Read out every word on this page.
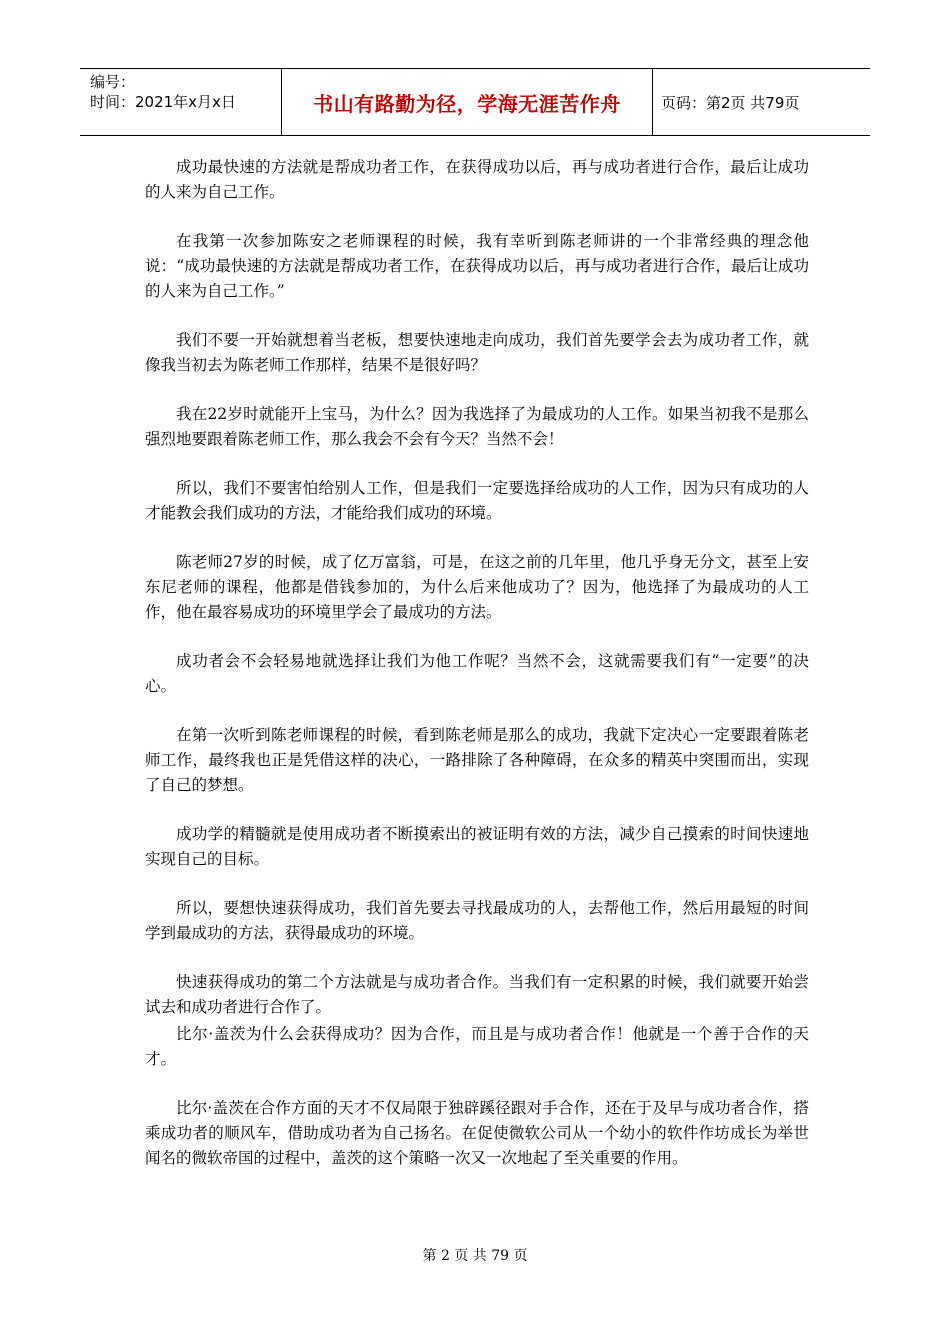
编号：
时间：2021年x月x日	书山有路勤为径，学海无涯苦作舟	页码：第2页 共79页

成功最快速的方法就是帮成功者工作，在获得成功以后，再与成功者进行合作，最后让成功的人来为自己工作。

在我第一次参加陈安之老师课程的时候，我有幸听到陈老师讲的一个非常经典的理念他说：“成功最快速的方法就是帮成功者工作，在获得成功以后，再与成功者进行合作，最后让成功的人来为自己工作。”

我们不要一开始就想着当老板，想要快速地走向成功，我们首先要学会去为成功者工作，就像我当初去为陈老师工作那样，结果不是很好吗？

我在22岁时就能开上宝马，为什么？因为我选择了为最成功的人工作。如果当初我不是那么强烈地要跟着陈老师工作，那么我会不会有今天？当然不会！

所以，我们不要害怕给别人工作，但是我们一定要选择给成功的人工作，因为只有成功的人才能教会我们成功的方法，才能给我们成功的环境。

陈老师27岁的时候，成了亿万富翁，可是，在这之前的几年里，他几乎身无分文，甚至上安东尼老师的课程，他都是借钱参加的，为什么后来他成功了？因为，他选择了为最成功的人工作，他在最容易成功的环境里学会了最成功的方法。

成功者会不会轻易地就选择让我们为他工作呢？当然不会，这就需要我们有“一定要”的决心。

在第一次听到陈老师课程的时候，看到陈老师是那么的成功，我就下定决心一定要跟着陈老师工作，最终我也正是凭借这样的决心，一路排除了各种障碍，在众多的精英中突围而出，实现了自己的梦想。

成功学的精髓就是使用成功者不断摸索出的被证明有效的方法，减少自己摸索的时间快速地实现自己的目标。

所以，要想快速获得成功，我们首先要去寻找最成功的人，去帮他工作，然后用最短的时间学到最成功的方法，获得最成功的环境。

快速获得成功的第二个方法就是与成功者合作。当我们有一定积累的时候，我们就要开始尝试去和成功者进行合作了。

比尔·盖茨为什么会获得成功？因为合作，而且是与成功者合作！他就是一个善于合作的天才。

比尔·盖茨在合作方面的天才不仅局限于独辟蹊径跟对手合作，还在于及早与成功者合作，搭乘成功者的顺风车，借助成功者为自己扬名。在促使微软公司从一个幼小的软件作坊成长为举世闻名的微软帝国的过程中，盖茨的这个策略一次又一次地起了至关重要的作用。

第 2 页 共 79 页
